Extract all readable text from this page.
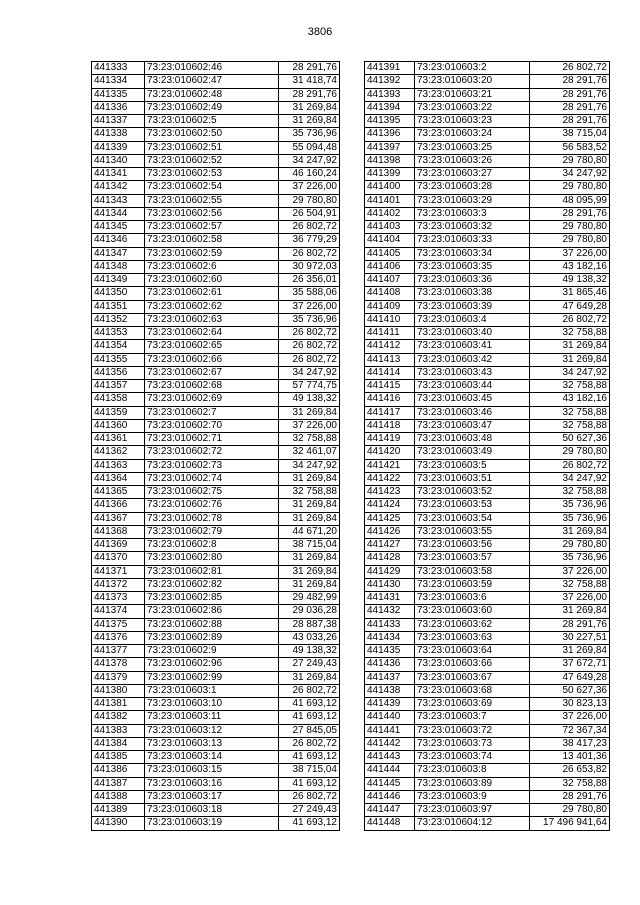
3806
441333	73:23:010602:46	28 291,76
441334	73:23:010602:47	31 418,74
441335	73:23:010602:48	28 291,76
441336	73:23:010602:49	31 269,84
441337	73:23:010602:5	31 269,84
441338	73:23:010602:50	35 736,96
441339	73:23:010602:51	55 094,48
441340	73:23:010602:52	34 247,92
441341	73:23:010602:53	46 160,24
441342	73:23:010602:54	37 226,00
441343	73:23:010602:55	29 780,80
441344	73:23:010602:56	26 504,91
441345	73:23:010602:57	26 802,72
441346	73:23:010602:58	36 779,29
441347	73:23:010602:59	26 802,72
441348	73:23:010602:6	30 972,03
441349	73:23:010602:60	26 356,01
441350	73:23:010602:61	35 588,06
441351	73:23:010602:62	37 226,00
441352	73:23:010602:63	35 736,96
441353	73:23:010602:64	26 802,72
441354	73:23:010602:65	26 802,72
441355	73:23:010602:66	26 802,72
441356	73:23:010602:67	34 247,92
441357	73:23:010602:68	57 774,75
441358	73:23:010602:69	49 138,32
441359	73:23:010602:7	31 269,84
441360	73:23:010602:70	37 226,00
441361	73:23:010602:71	32 758,88
441362	73:23:010602:72	32 461,07
441363	73:23:010602:73	34 247,92
441364	73:23:010602:74	31 269,84
441365	73:23:010602:75	32 758,88
441366	73:23:010602:76	31 269,84
441367	73:23:010602:78	31 269,84
441368	73:23:010602:79	44 671,20
441369	73:23:010602:8	38 715,04
441370	73:23:010602:80	31 269,84
441371	73:23:010602:81	31 269,84
441372	73:23:010602:82	31 269,84
441373	73:23:010602:85	29 482,99
441374	73:23:010602:86	29 036,28
441375	73:23:010602:88	28 887,38
441376	73:23:010602:89	43 033,26
441377	73:23:010602:9	49 138,32
441378	73:23:010602:96	27 249,43
441379	73:23:010602:99	31 269,84
441380	73:23:010603:1	26 802,72
441381	73:23:010603:10	41 693,12
441382	73:23:010603:11	41 693,12
441383	73:23:010603:12	27 845,05
441384	73:23:010603:13	26 802,72
441385	73:23:010603:14	41 693,12
441386	73:23:010603:15	38 715,04
441387	73:23:010603:16	41 693,12
441388	73:23:010603:17	26 802,72
441389	73:23:010603:18	27 249,43
441390	73:23:010603:19	41 693,12
441391	73:23:010603:2	26 802,72
441392	73:23:010603:20	28 291,76
441393	73:23:010603:21	28 291,76
441394	73:23:010603:22	28 291,76
441395	73:23:010603:23	28 291,76
441396	73:23:010603:24	38 715,04
441397	73:23:010603:25	56 583,52
441398	73:23:010603:26	29 780,80
441399	73:23:010603:27	34 247,92
441400	73:23:010603:28	29 780,80
441401	73:23:010603:29	48 095,99
441402	73:23:010603:3	28 291,76
441403	73:23:010603:32	29 780,80
441404	73:23:010603:33	29 780,80
441405	73:23:010603:34	37 226,00
441406	73:23:010603:35	43 182,16
441407	73:23:010603:36	49 138,32
441408	73:23:010603:38	31 865,46
441409	73:23:010603:39	47 649,28
441410	73:23:010603:4	26 802,72
441411	73:23:010603:40	32 758,88
441412	73:23:010603:41	31 269,84
441413	73:23:010603:42	31 269,84
441414	73:23:010603:43	34 247,92
441415	73:23:010603:44	32 758,88
441416	73:23:010603:45	43 182,16
441417	73:23:010603:46	32 758,88
441418	73:23:010603:47	32 758,88
441419	73:23:010603:48	50 627,36
441420	73:23:010603:49	29 780,80
441421	73:23:010603:5	26 802,72
441422	73:23:010603:51	34 247,92
441423	73:23:010603:52	32 758,88
441424	73:23:010603:53	35 736,96
441425	73:23:010603:54	35 736,96
441426	73:23:010603:55	31 269,84
441427	73:23:010603:56	29 780,80
441428	73:23:010603:57	35 736,96
441429	73:23:010603:58	37 226,00
441430	73:23:010603:59	32 758,88
441431	73:23:010603:6	37 226,00
441432	73:23:010603:60	31 269,84
441433	73:23:010603:62	28 291,76
441434	73:23:010603:63	30 227,51
441435	73:23:010603:64	31 269,84
441436	73:23:010603:66	37 672,71
441437	73:23:010603:67	47 649,28
441438	73:23:010603:68	50 627,36
441439	73:23:010603:69	30 823,13
441440	73:23:010603:7	37 226,00
441441	73:23:010603:72	72 367,34
441442	73:23:010603:73	38 417,23
441443	73:23:010603:74	13 401,36
441444	73:23:010603:8	26 653,82
441445	73:23:010603:89	32 758,88
441446	73:23:010603:9	28 291,76
441447	73:23:010603:97	29 780,80
441448	73:23:010604:12	17 496 941,64
